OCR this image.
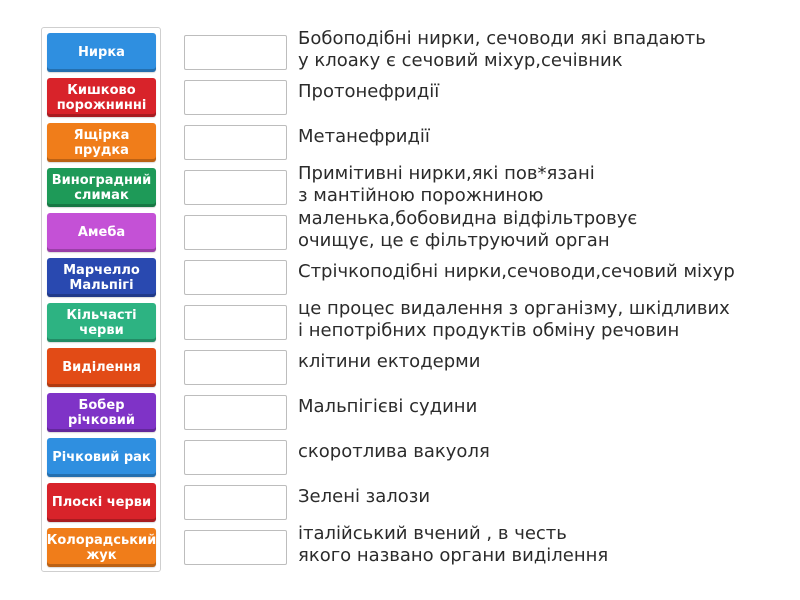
Нирка
Кишково
порожнинні
Ящірка
прудка
Виноградний
слимак
Амеба
Марчелло
Мальпігі
Кільчасті
черви
Виділення
Бобер
річковий
Річковий рак
Плоскі черви
Колорадський
жук
Бобоподібні нирки, сечоводи які впадають
у клоаку є сечовий міхур,сечівник
Протонефридії
Метанефридії
Примітивні нирки,які пов*язані
з мантійною порожниною
маленька,бобовидна відфільтровує
очищує, це є фільтруючий орган
Стрічкоподібні нирки,сечоводи,сечовий міхур
це процес видалення з організму, шкідливих
і непотрібних продуктів обміну речовин
клітини ектодерми
Мальпігієві судини
скоротлива вакуоля
Зелені залози
італійський вчений , в честь
якого названо органи виділення
